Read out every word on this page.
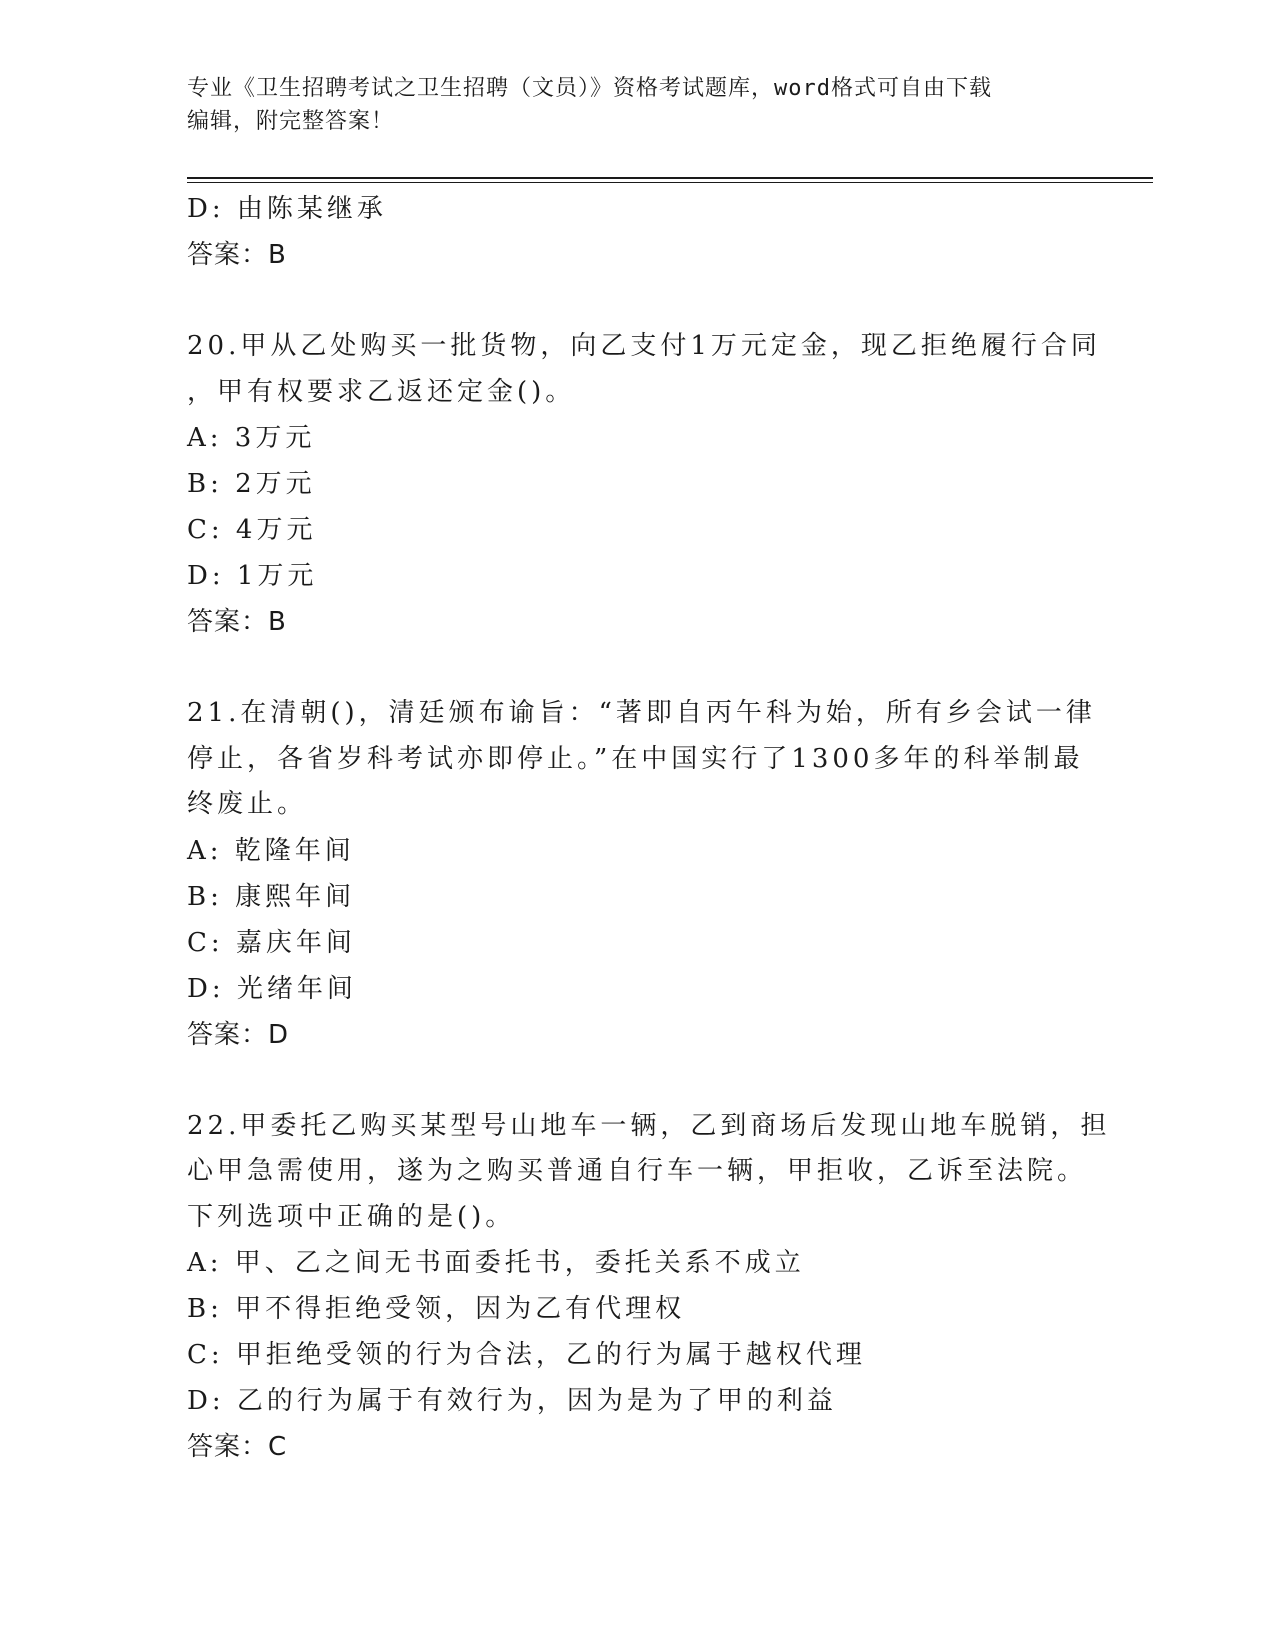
专业《卫生招聘考试之卫生招聘（文员）》资格考试题库，word格式可自由下载
编辑，附完整答案！
D: 由陈某继承
答案：B
20.甲从乙处购买一批货物，向乙支付1万元定金，现乙拒绝履行合同
，甲有权要求乙返还定金()。
A: 3万元
B: 2万元
C: 4万元
D: 1万元
答案：B
21.在清朝()，清廷颁布谕旨：“著即自丙午科为始，所有乡会试一律
停止，各省岁科考试亦即停止。”在中国实行了1300多年的科举制最
终废止。
A: 乾隆年间
B: 康熙年间
C: 嘉庆年间
D: 光绪年间
答案：D
22.甲委托乙购买某型号山地车一辆，乙到商场后发现山地车脱销，担
心甲急需使用，遂为之购买普通自行车一辆，甲拒收，乙诉至法院。
下列选项中正确的是()。
A: 甲、乙之间无书面委托书，委托关系不成立
B: 甲不得拒绝受领，因为乙有代理权
C: 甲拒绝受领的行为合法，乙的行为属于越权代理
D: 乙的行为属于有效行为，因为是为了甲的利益
答案：C
